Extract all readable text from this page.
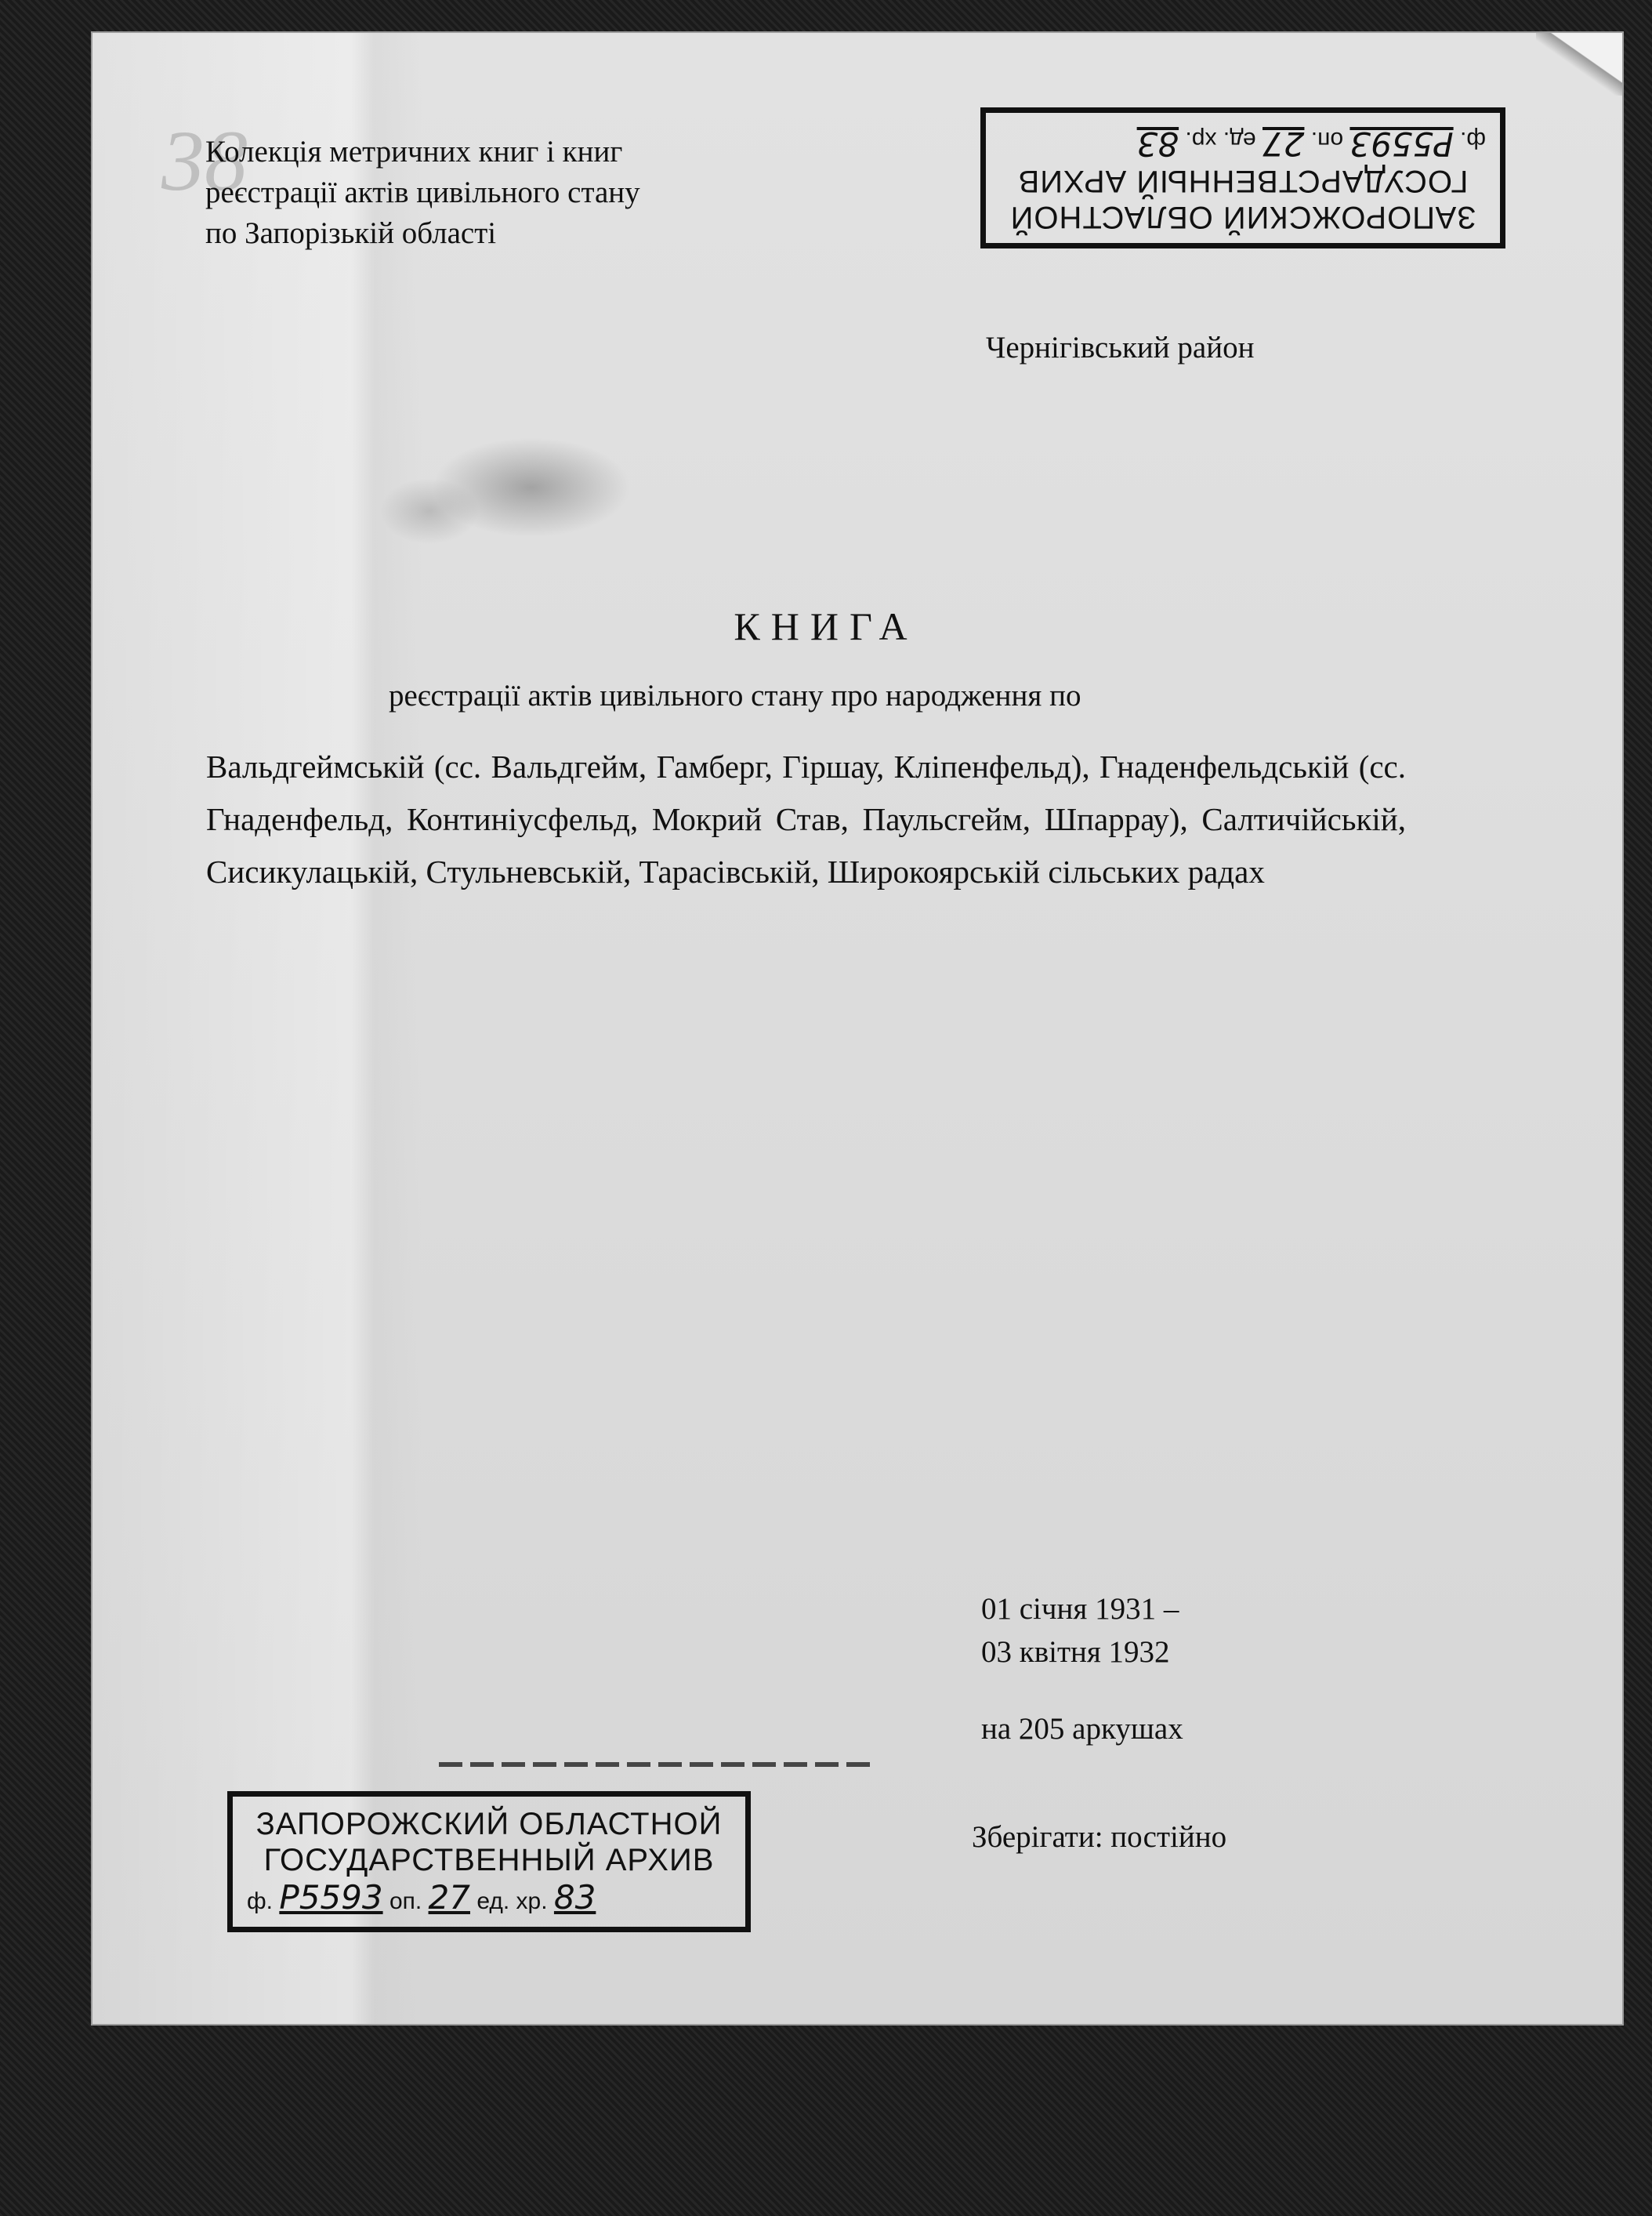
38
ЗАПОРОЖСКИЙ ОБЛАСТНОЙ
ГОСУДАРСТВЕННЫЙ АРХИВ
ф. Р5593 оп. 27 ед. хр. 83
Колекція метричних книг і книг
реєстрації актів цивільного стану
по Запорізькій області
Чернігівський район
КНИГА
реєстрації актів цивільного стану про народження по
Вальдгеймській (сс. Вальдгейм, Гамберг, Гіршау, Кліпенфельд), Гнаденфельдській (сс. Гнаденфельд, Континіусфельд, Мокрий Став, Паульсгейм, Шпаррау), Салтичійській, Сисикулацькій, Стульневській, Тарасівській, Широкоярській сільських радах
01 січня 1931 –
03 квітня 1932
на 205 аркушах
Зберігати: постійно
ЗАПОРОЖСКИЙ ОБЛАСТНОЙ
ГОСУДАРСТВЕННЫЙ АРХИВ
ф. Р5593 оп. 27 ед. хр. 83
